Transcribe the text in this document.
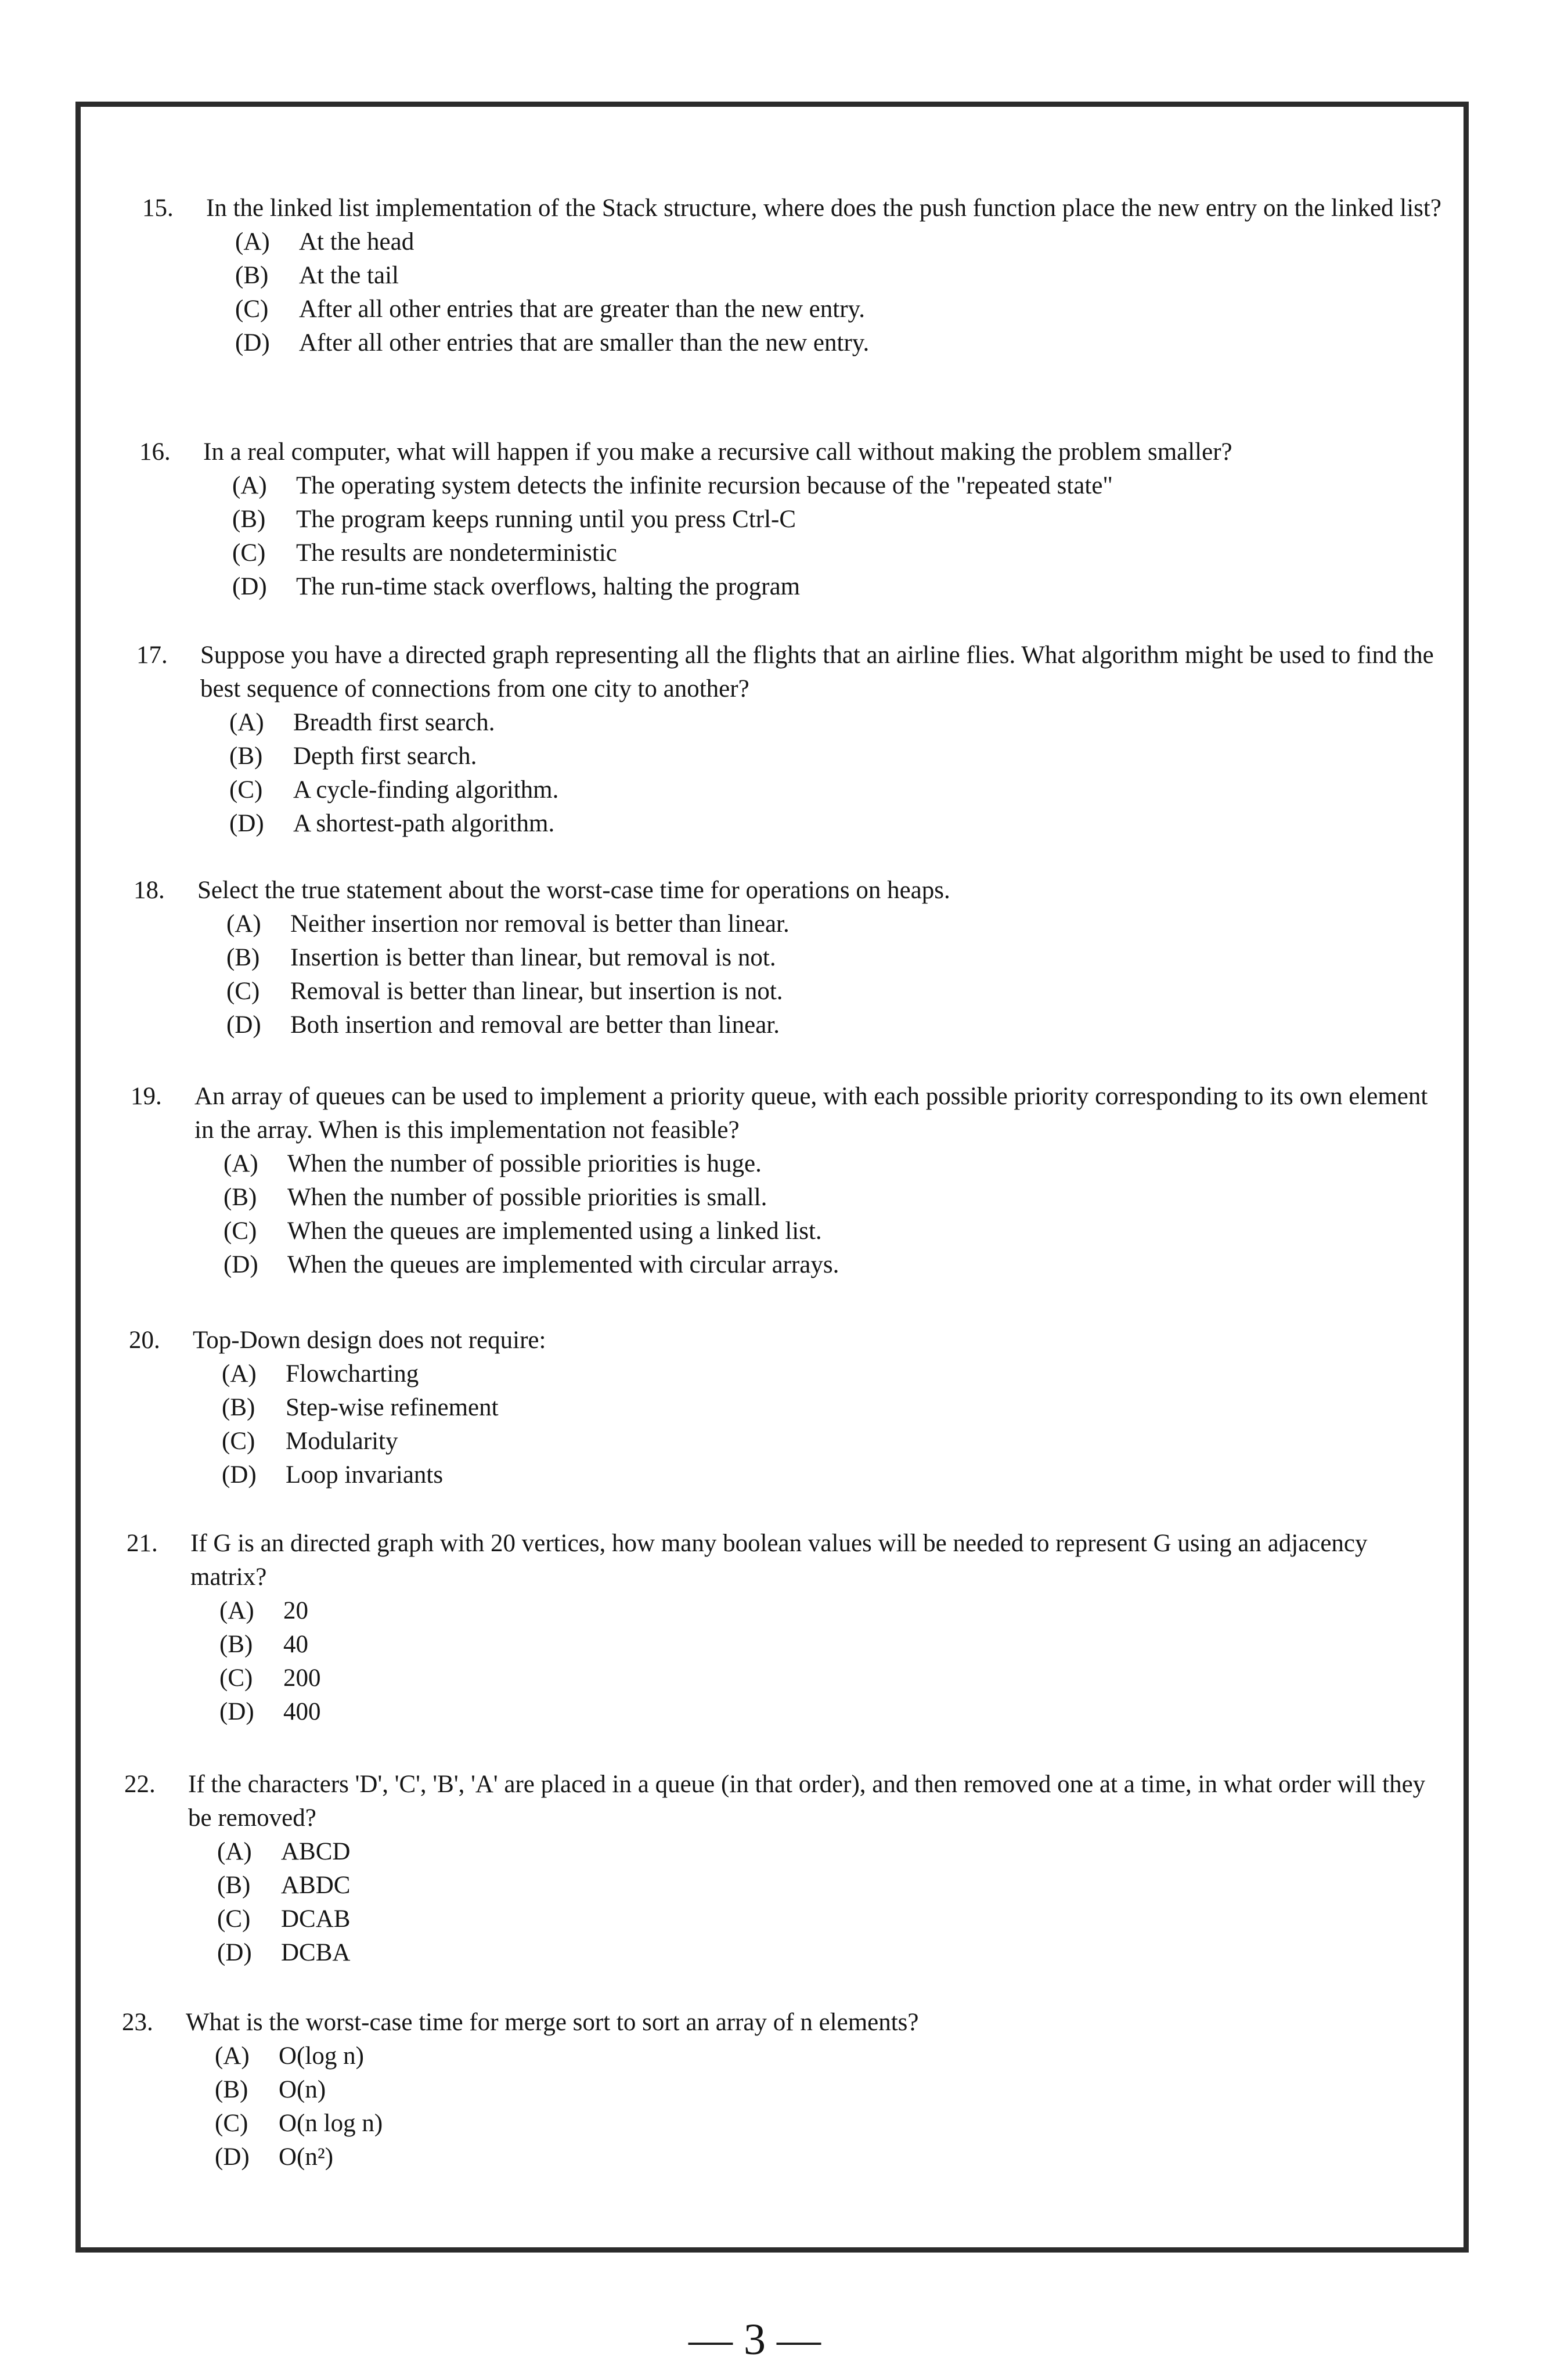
15.	In the linked list implementation of the Stack structure, where does the push function place the new entry on the linked list?
(A)	At the head
(B)	At the tail
(C)	After all other entries that are greater than the new entry.
(D)	After all other entries that are smaller than the new entry.
16.	In a real computer, what will happen if you make a recursive call without making the problem smaller?
(A)	The operating system detects the infinite recursion because of the "repeated state"
(B)	The program keeps running until you press Ctrl-C
(C)	The results are nondeterministic
(D)	The run-time stack overflows, halting the program
17.	Suppose you have a directed graph representing all the flights that an airline flies. What algorithm might be used to find the best sequence of connections from one city to another?
(A)	Breadth first search.
(B)	Depth first search.
(C)	A cycle-finding algorithm.
(D)	A shortest-path algorithm.
18.	Select the true statement about the worst-case time for operations on heaps.
(A)	Neither insertion nor removal is better than linear.
(B)	Insertion is better than linear, but removal is not.
(C)	Removal is better than linear, but insertion is not.
(D)	Both insertion and removal are better than linear.
19.	An array of queues can be used to implement a priority queue, with each possible priority corresponding to its own element in the array. When is this implementation not feasible?
(A)	When the number of possible priorities is huge.
(B)	When the number of possible priorities is small.
(C)	When the queues are implemented using a linked list.
(D)	When the queues are implemented with circular arrays.
20.	Top-Down design does not require:
(A)	Flowcharting
(B)	Step-wise refinement
(C)	Modularity
(D)	Loop invariants
21.	If G is an directed graph with 20 vertices, how many boolean values will be needed to represent G using an adjacency matrix?
(A)	20
(B)	40
(C)	200
(D)	400
22.	If the characters 'D', 'C', 'B', 'A' are placed in a queue (in that order), and then removed one at a time, in what order will they be removed?
(A)	ABCD
(B)	ABDC
(C)	DCAB
(D)	DCBA
23.	What is the worst-case time for merge sort to sort an array of n elements?
(A)	O(log n)
(B)	O(n)
(C)	O(n log n)
(D)	O(n²)
— 3 —
